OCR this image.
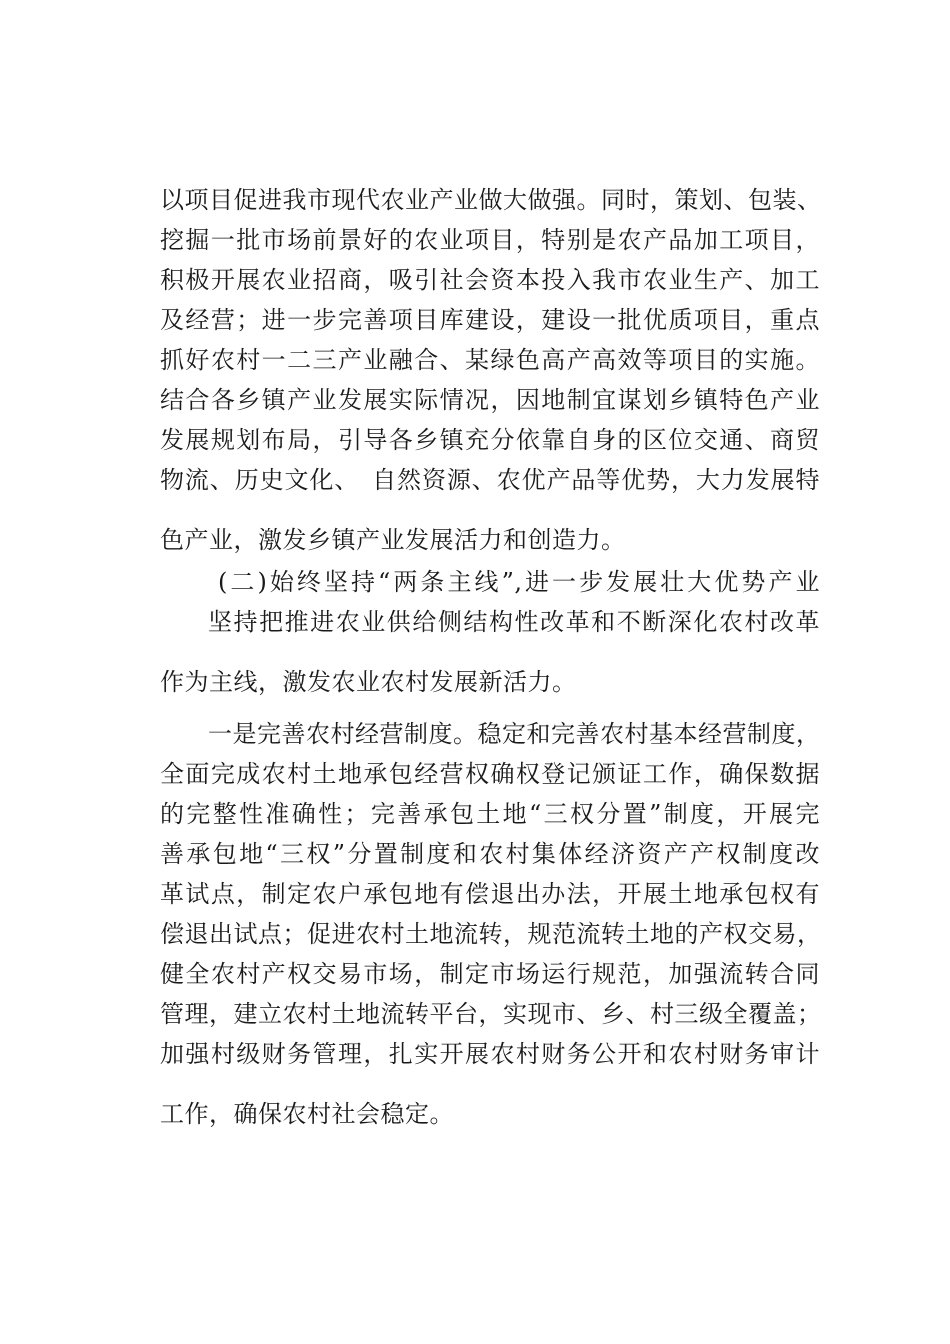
以项目促进我市现代农业产业做大做强。同时，策划、包装、
挖掘一批市场前景好的农业项目，特别是农产品加工项目，
积极开展农业招商，吸引社会资本投入我市农业生产、加工
及经营；进一步完善项目库建设，建设一批优质项目，重点
抓好农村一二三产业融合、某绿色高产高效等项目的实施。
结合各乡镇产业发展实际情况，因地制宜谋划乡镇特色产业
发展规划布局，引导各乡镇充分依靠自身的区位交通、商贸
物流、历史文化、　自然资源、农优产品等优势，大力发展特
色产业，激发乡镇产业发展活力和创造力。
(二)始终坚持“两条主线”,进一步发展壮大优势产业
坚持把推进农业供给侧结构性改革和不断深化农村改革
作为主线，激发农业农村发展新活力。
一是完善农村经营制度。稳定和完善农村基本经营制度，
全面完成农村土地承包经营权确权登记颁证工作，确保数据
的完整性准确性；完善承包土地“三权分置”制度，开展完
善承包地“三权”分置制度和农村集体经济资产产权制度改
革试点，制定农户承包地有偿退出办法，开展土地承包权有
偿退出试点；促进农村土地流转，规范流转土地的产权交易，
健全农村产权交易市场，制定市场运行规范，加强流转合同
管理，建立农村土地流转平台，实现市、乡、村三级全覆盖；
加强村级财务管理，扎实开展农村财务公开和农村财务审计
工作，确保农村社会稳定。
